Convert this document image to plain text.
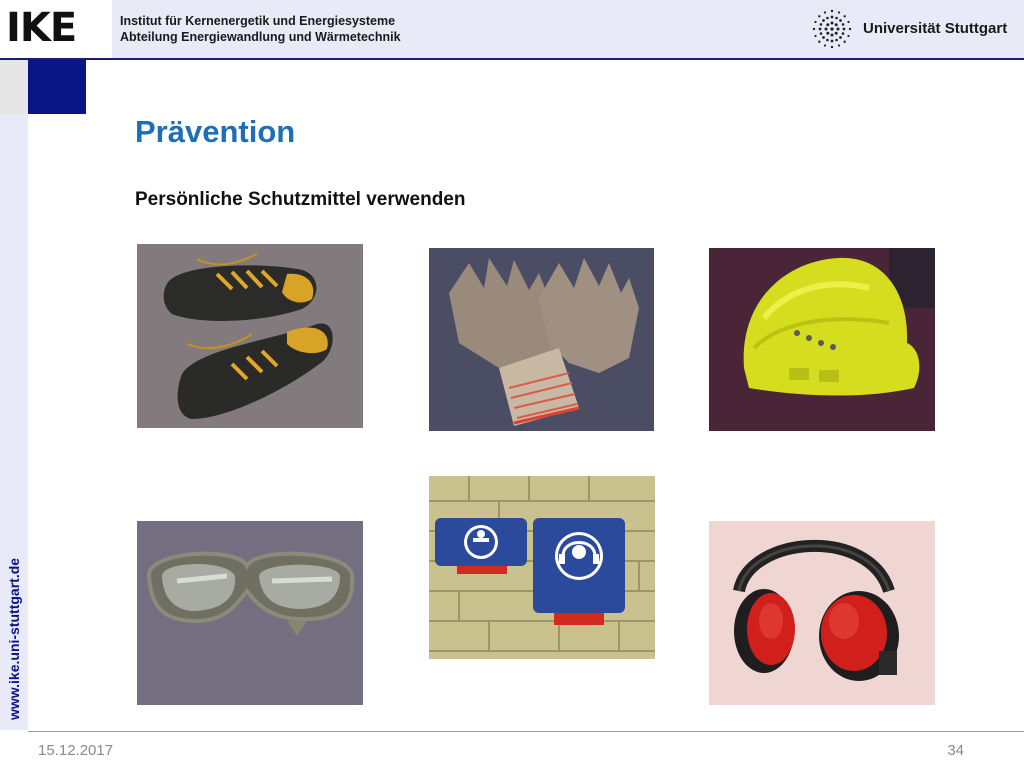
IKE	Institut für Kernenergetik und Energiesysteme
Abteilung Energiewandlung und Wärmetechnik	Universität Stuttgart
www.ike.uni-stuttgart.de
Prävention
Persönliche Schutzmittel verwenden
15.12.2017	34
